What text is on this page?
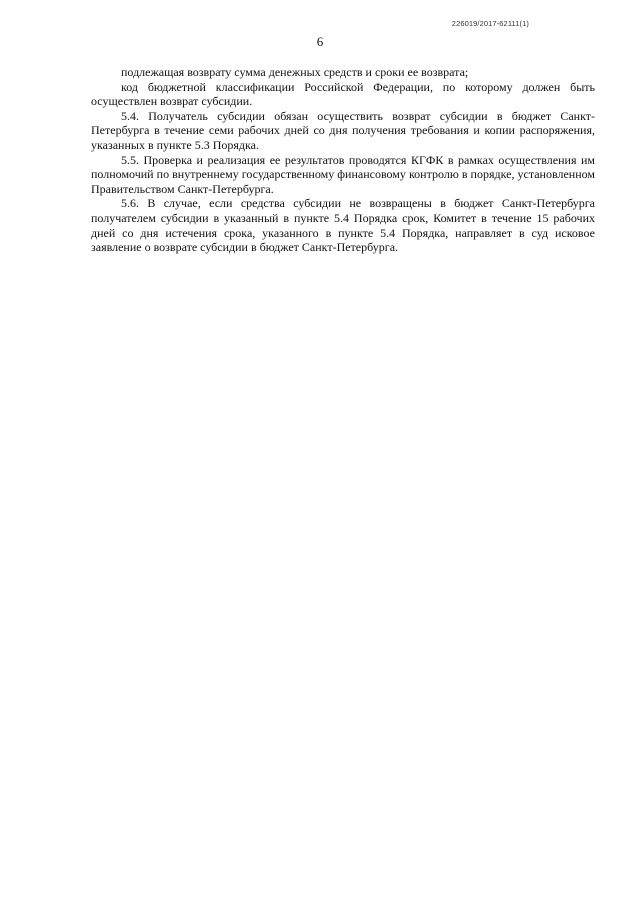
226019/2017-62111(1)
6

подлежащая возврату сумма денежных средств и сроки ее возврата;

код бюджетной классификации Российской Федерации, по которому должен быть осуществлен возврат субсидии.

5.4. Получатель субсидии обязан осуществить возврат субсидии в бюджет Санкт-Петербурга в течение семи рабочих дней со дня получения требования и копии распоряжения, указанных в пункте 5.3 Порядка.

5.5. Проверка и реализация ее результатов проводятся КГФК в рамках осуществления им полномочий по внутреннему государственному финансовому контролю в порядке, установленном Правительством Санкт-Петербурга.

5.6. В случае, если средства субсидии не возвращены в бюджет Санкт-Петербурга получателем субсидии в указанный в пункте 5.4 Порядка срок, Комитет в течение 15 рабочих дней со дня истечения срока, указанного в пункте 5.4 Порядка, направляет в суд исковое заявление о возврате субсидии в бюджет Санкт-Петербурга.
